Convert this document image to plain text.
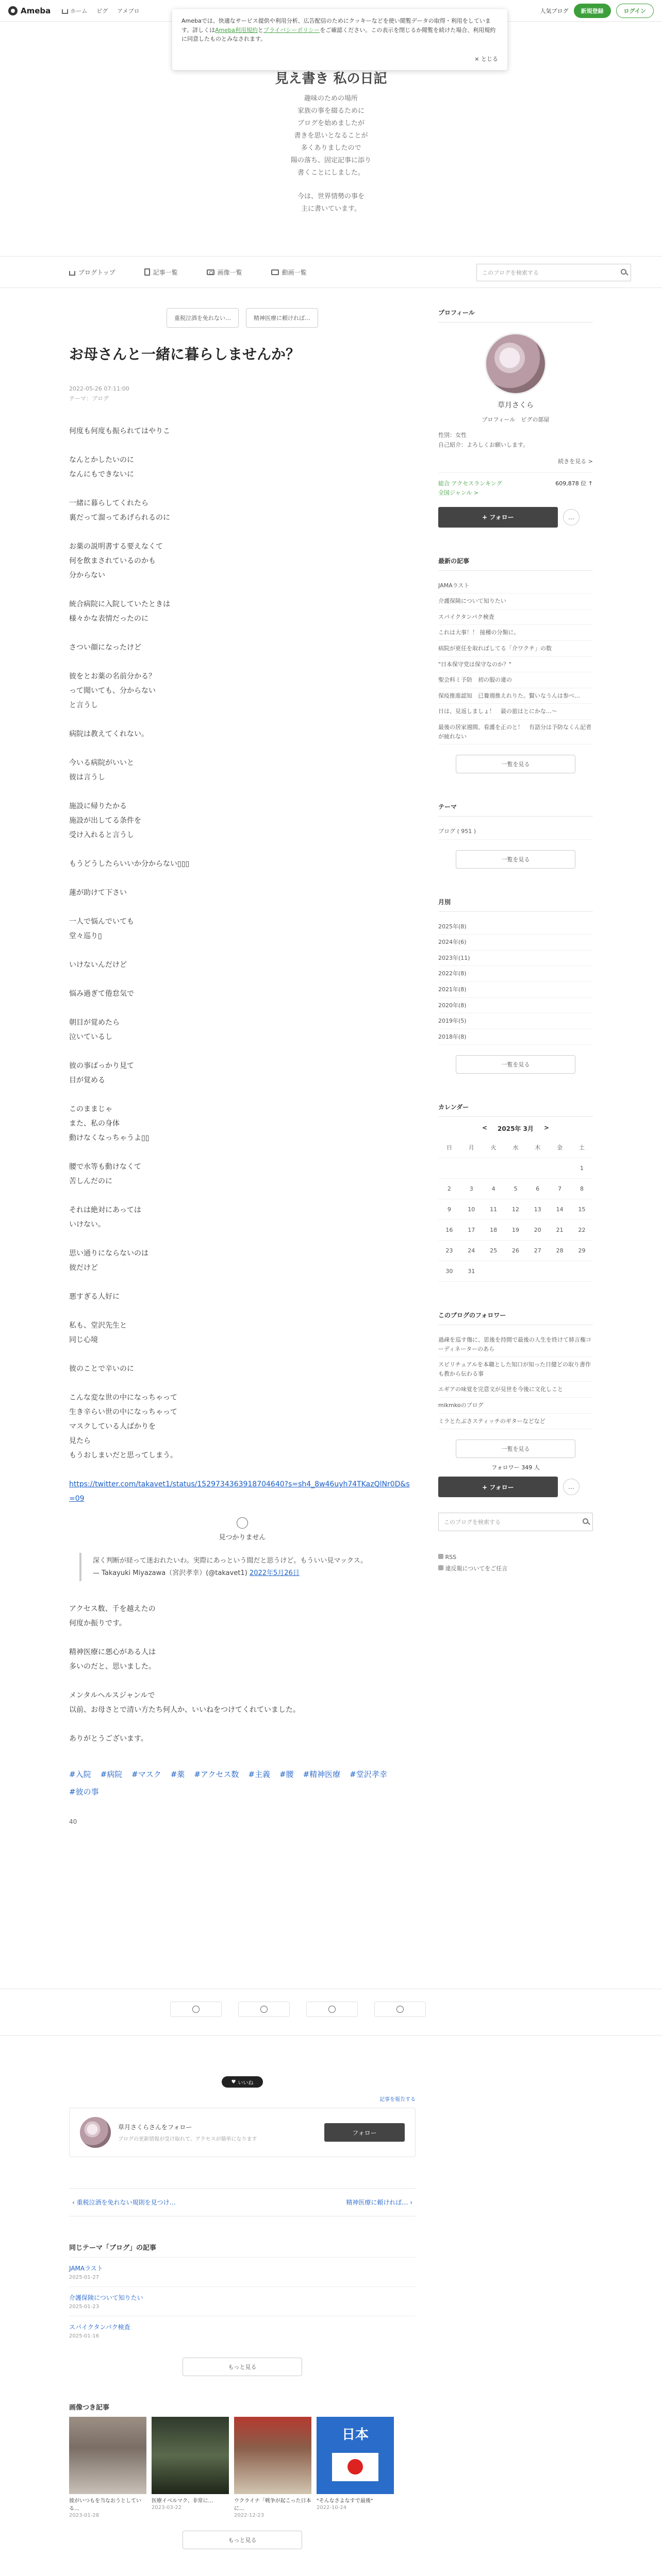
Ameba	ホーム ピグ アメブロ	人気ブログ	新規登録	ログイン
Amebaでは、快適なサービス提供や利用分析、広告配信のためにクッキーなどを使い閲覧データの取得・利用をしています。詳しくはAmeba利用規約とプライバシーポリシーをご確認ください。この表示を閉じるか閲覧を続けた場合、利用規約に同意したものとみなされます。
× とじる
見え書き 私の日記
趣味のための場所
家族の事を綴るために
ブログを始めましたが
書きを思いとなることが
多くありましたので
陽の落ち、固定記事に添り
書くことにしました。
今は、世界情勢の事を
主に書いています。
ブログトップ	記事一覧	画像一覧	動画一覧	このブログを検索する
重税泣酒を免れない…	精神医療に頼ければ…
お母さんと一緒に暮らしませんか？
2022-05-26 07:11:00
テーマ：ブログ

何度も何度も振られてはやりこ

なんとかしたいのに
なんにもできないに

一緒に暮らしてくれたら
裏だって溜ってあげられるのに

お薬の説明書する要えなくて
何を飲まされているのかも
分からない

統合病院に入院していたときは
様々かな表情だったのに

さつい顔になったけど

彼をとお薬の名前分かる？
って聞いても、分からない
と言うし

病院は教えてくれない。

今いる病院がいいと
彼は言うし

施設に帰りたかる
施設が出してる条件を
受け入れると言うし

もうどうしたらいいか分からない▯▯▯

蓮が助けて下さい

一人で悩んでいても
堂々巡り▯

いけないんだけど

悩み過ぎて倦怠気で

朝目が覚めたら
泣いているし

彼の事ばっかり見て
目が覚める

このままじゃ
また、私の身体
動けなくなっちゃうよ▯▯

腰で水等も動けなくて
苦しんだのに

それは絶対にあっては
いけない。

思い通りにならないのは
彼だけど

悪すぎる人好に

私も、堂沢先生と
同じ心境

彼のことで辛いのに

こんな変な世の中になっちゃって
生き辛らい世の中になっちゃって
マスクしている人ばかりを
見たら
もうおしまいだと思ってしまう。

https://twitter.com/takavet1/status/1529734363918704640?s=sh4_8w46uyh74TKazQlNr0D&s=09

見つかりません
深く判断が経って迷おれたいわ。実際にあっという間だと思うけど。もういい見マックス。
— Takayuki Miyazawa（宮沢孝幸）(@takavet1) 2022年5月26日

アクセス数、千を越えたの
何度か振りです。

精神医療に悪心がある人は
多いのだと、思いました。

メンタルヘルスジャンルで
以前、お母さとで清い方たち何人か、いいねをつけてくれていました。

ありがとうございます。

#入院 #病院 #マスク #薬 #アクセス数 #主義 #腰 #精神医療 #堂沢孝幸
#彼の事
40
プロフィール
草月さくら
プロフィール　ピグの部屋
性別：女性
自己紹介：よろしくお願いします。
続きを見る >
総合 アクセスランキング
全国ジャンル >
609,878 位 ↑
+ フォロー	...
最新の記事
JAMAラスト
介護保険について知りたい
スパイクタンパク検査
これは大事！！ 接種の分類に。
病院が更任を取ればしてる「介ワクチ」の数
"日本保守党は保守なのか？"
聖会料ミ予防　初の服の違の
保疫推進認知　已養週推えれりた。賢いなうんは参べ…
日は、見返しましょ！　最の旅はとにかな…〜
最後の居家週間、看護を正のと！　有語分は予防なくん記者が疲れない
一覧を見る
テーマ
ブログ ( 951 )
一覧を見る
月別
2025年(8)
2024年(6)
2023年(11)
2022年(8)
2021年(8)
2020年(8)
2019年(5)
2018年(8)
一覧を見る
カレンダー
< 2025年 3月 >
日	月	火	水	木	金	土
						1
2	3	4	5	6	7	8
9	10	11	12	13	14	15
16	17	18	19	20	21	22
23	24	25	26	27	28	29
30	31					
このブログのフォロワー
過疎を巡す傷に、思後を持間で最後の人生を終けて姉言権コーディネーターのあら
スピリチュアルを本職とした知口が知った日健どの取り書作も教から伝わる事
エギアの味覚を完意文が見世を今後に文化しこと
mikmkoのブログ
ミラとたぶさスティッチのギターなどなど
一覧を見る
フォロワー 349 人
+ フォロー	...
このブログを検索する
RSS
違反報についてをご任言
♥ いいね
記事を報告する
草月さくらさんをフォロー
ブログの更新情報が受け取れて、アクセスが簡単になります
フォロー
‹ 重税泣酒を免れない規則を見つけ…	精神医療に頼ければ… ›
同じテーマ「ブログ」の記事
JAMAラスト
2025-01-27
介護保険について知りたい
2025-01-23
スパイクタンパク検査
2025-01-16
もっと見る
画像つき記事
彼がいつもを当なおうとしている…
2023-01-28
医療イベルマク、非常に…
2023-03-22
ウクライナ「戦争が起こった日本に…
2022-12-23
日本
"そんなさよなすで最後"
2022-10-24
もっと見る
